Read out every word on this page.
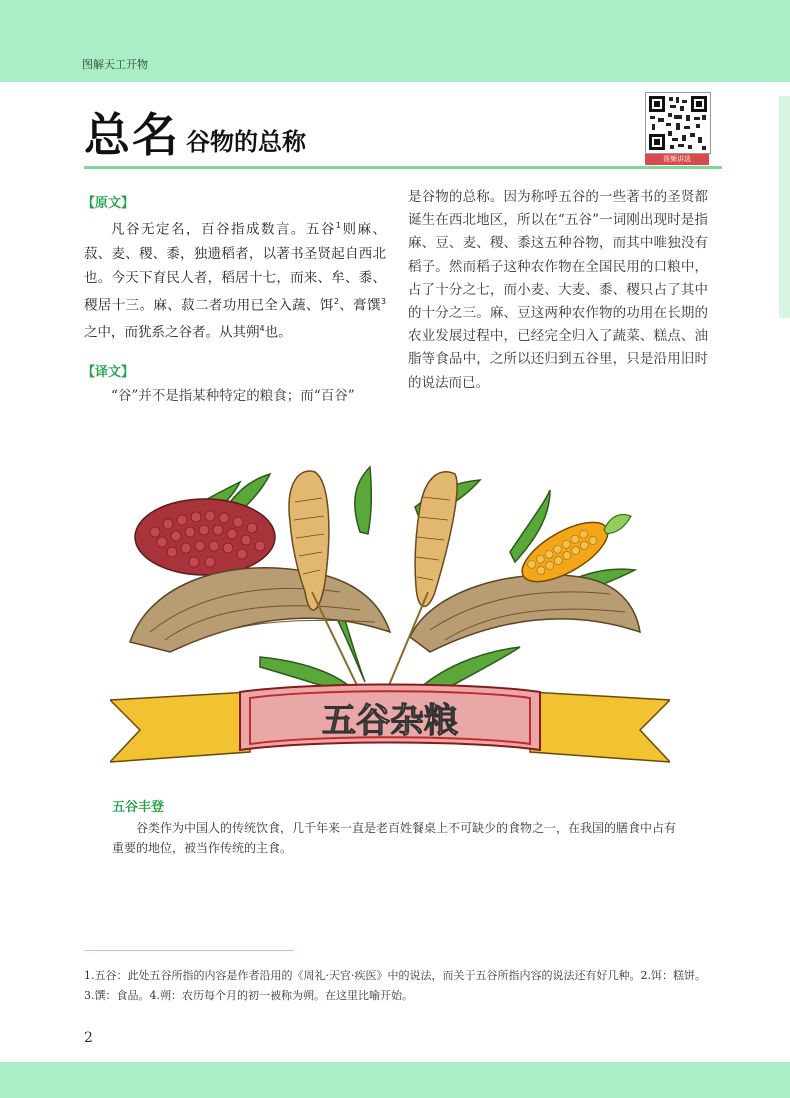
图解天工开物
总名 谷物的总称
视频讲选
【原文】

凡谷无定名，百谷指成数言。五谷$^1$则麻、菽、麦、稷、黍，独遗稻者，以著书圣贤起自西北也。今天下育民人者，稻居十七，而来、牟、黍、稷居十三。麻、菽二者功用已全入蔬、饵$^2$、膏馔$^3$之中，而犹系之谷者。从其朔$^4$也。

【译文】

“谷”并不是指某种特定的粮食；而“百谷”

是谷物的总称。因为称呼五谷的一些著书的圣贤都诞生在西北地区，所以在“五谷”一词刚出现时是指麻、豆、麦、稷、黍这五种谷物，而其中唯独没有稻子。然而稻子这种农作物在全国民用的口粮中，占了十分之七，而小麦、大麦、黍、稷只占了其中的十分之三。麻、豆这两种农作物的功用在长期的农业发展过程中，已经完全归入了蔬菜、糕点、油脂等食品中，之所以还归到五谷里，只是沿用旧时的说法而已。
五谷杂粮
五谷丰登
谷类作为中国人的传统饮食，几千年来一直是老百姓餐桌上不可缺少的食物之一，在我国的膳食中占有重要的地位，被当作传统的主食。
1.五谷：此处五谷所指的内容是作者沿用的《周礼·天官·疾医》中的说法，而关于五谷所指内容的说法还有好几种。2.饵：糕饼。3.馔：食品。4.朔：农历每个月的初一被称为朔。在这里比喻开始。
2
